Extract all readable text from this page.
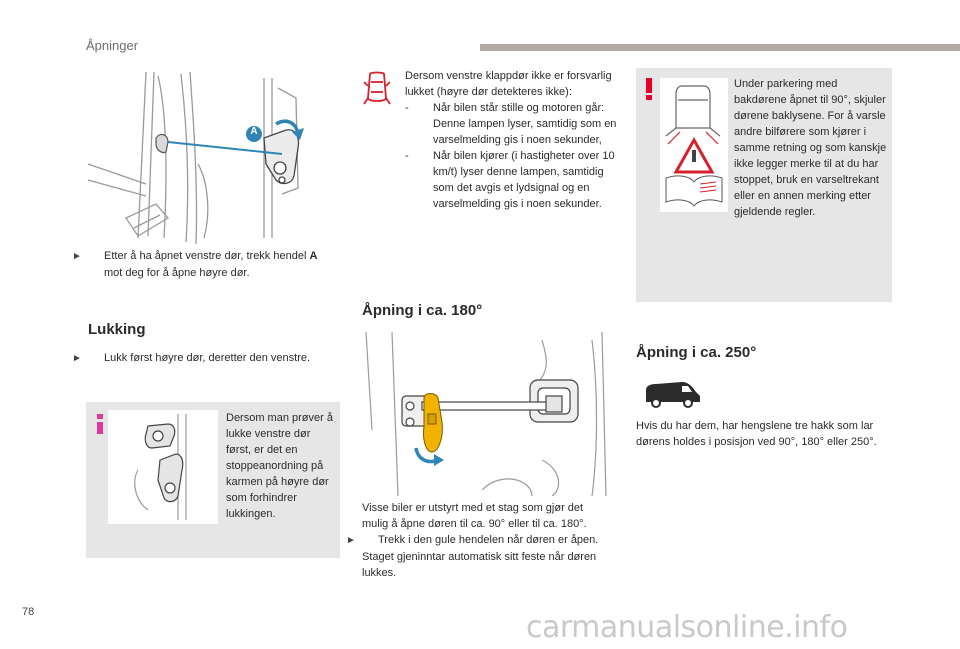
Åpninger
A
► Etter å ha åpnet venstre dør, trekk hendel A
mot deg for å åpne høyre dør.
Lukking
► Lukk først høyre dør, deretter den venstre.
Dersom man prøver å lukke venstre dør først, er det en stoppeanordning på karmen på høyre dør som forhindrer lukkingen.
Dersom venstre klappdør ikke er forsvarlig lukket (høyre dør detekteres ikke):
- Når bilen står stille og motoren går: Denne lampen lyser, samtidig som en varselmelding gis i noen sekunder,
- Når bilen kjører (i hastigheter over 10 km/t) lyser denne lampen, samtidig som det avgis et lydsignal og en varselmelding gis i noen sekunder.
Åpning i ca. 180°
Visse biler er utstyrt med et stag som gjør det mulig å åpne døren til ca. 90° eller til ca. 180°.
► Trekk i den gule hendelen når døren er åpen.
Staget gjeninntar automatisk sitt feste når døren lukkes.
Under parkering med bakdørene åpnet til 90°, skjuler dørene baklysene. For å varsle andre bilførere som kjører i samme retning og som kanskje ikke legger merke til at du har stoppet, bruk en varseltrekant eller en annen merking etter gjeldende regler.
Åpning i ca. 250°
Hvis du har dem, har hengslene tre hakk som lar dørens holdes i posisjon ved 90°, 180° eller 250°.
78	carmanualsonline.info
